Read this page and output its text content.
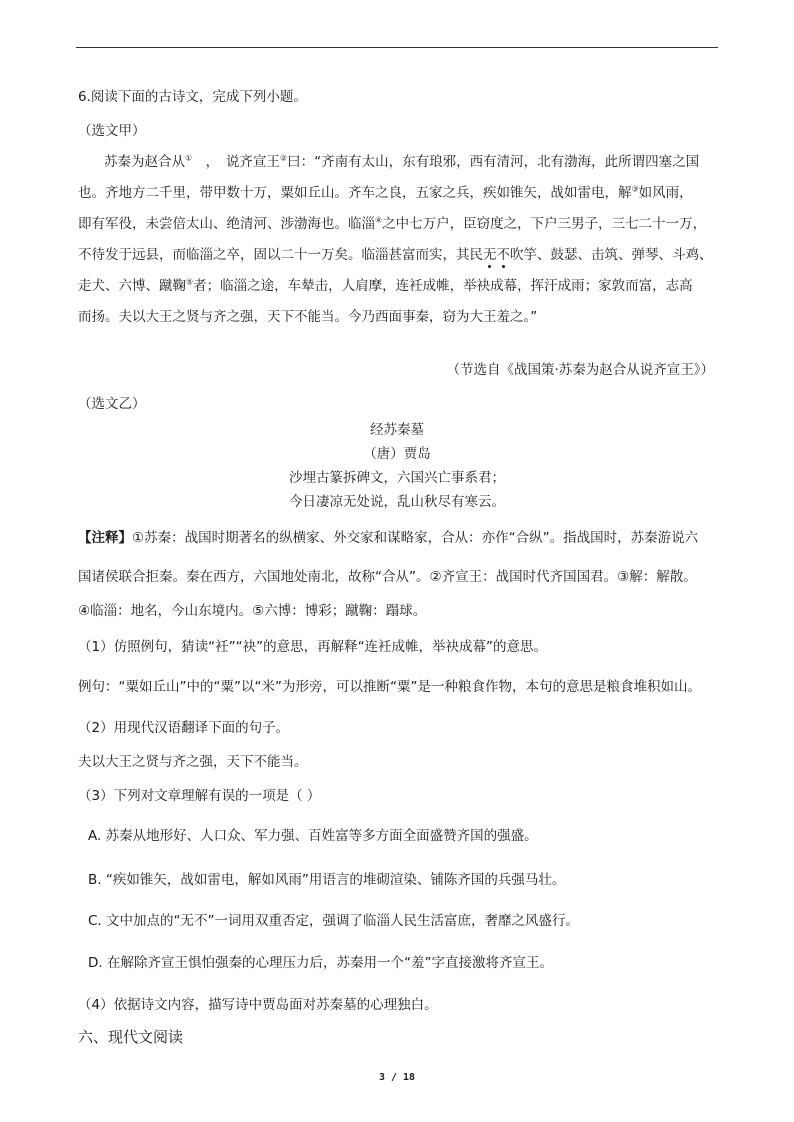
6.阅读下面的古诗文，完成下列小题。
（选文甲）
苏秦为赵合从①　，　说齐宣王②曰：“齐南有太山，东有琅邪，西有清河，北有渤海，此所谓四塞之国
也。齐地方二千里，带甲数十万，粟如丘山。齐车之良，五家之兵，疾如锥矢，战如雷电，解③如风雨，
即有军役，未尝倍太山、绝清河、涉渤海也。临淄④之中七万户，臣窃度之，下户三男子，三七二十一万，
不待发于远县，而临淄之卒，固以二十一万矣。临淄甚富而实，其民无不吹竽、鼓瑟、击筑、弹琴、斗鸡、
走犬、六博、蹴鞠⑤者；临淄之途，车辇击，人肩摩，连衽成帷，举袂成幕，挥汗成雨；家敦而富，志高
而扬。夫以大王之贤与齐之强，天下不能当。今乃西面事秦，窃为大王羞之。”
（节选自《战国策·苏秦为赵合从说齐宣王》）
（选文乙）
经苏秦墓
（唐）贾岛
沙埋古篆拆碑文，六国兴亡事系君；
今日凄凉无处说，乱山秋尽有寒云。
【注释】①苏秦：战国时期著名的纵横家、外交家和谋略家，合从：亦作“合纵”。指战国时，苏秦游说六
国诸侯联合拒秦。秦在西方，六国地处南北，故称“合从”。②齐宣王：战国时代齐国国君。③解：解散。
④临淄：地名，今山东境内。⑤六博：博彩；蹴鞠：蹋球。
（1）仿照例句，猜读“衽”“袂”的意思，再解释“连衽成帷，举袂成幕”的意思。
例句：“粟如丘山”中的“粟”以“米”为形旁，可以推断“粟”是一种粮食作物，本句的意思是粮食堆积如山。
（2）用现代汉语翻译下面的句子。
夫以大王之贤与齐之强，天下不能当。
（3）下列对文章理解有误的一项是（ ）
A. 苏秦从地形好、人口众、军力强、百姓富等多方面全面盛赞齐国的强盛。
B. “疾如锥矢，战如雷电，解如风雨”用语言的堆砌渲染、铺陈齐国的兵强马壮。
C. 文中加点的“无不”一词用双重否定，强调了临淄人民生活富庶，奢靡之风盛行。
D. 在解除齐宣王惧怕强秦的心理压力后，苏秦用一个“羞”字直接激将齐宣王。
（4）依据诗文内容，描写诗中贾岛面对苏秦墓的心理独白。
六、现代文阅读
3 / 18
